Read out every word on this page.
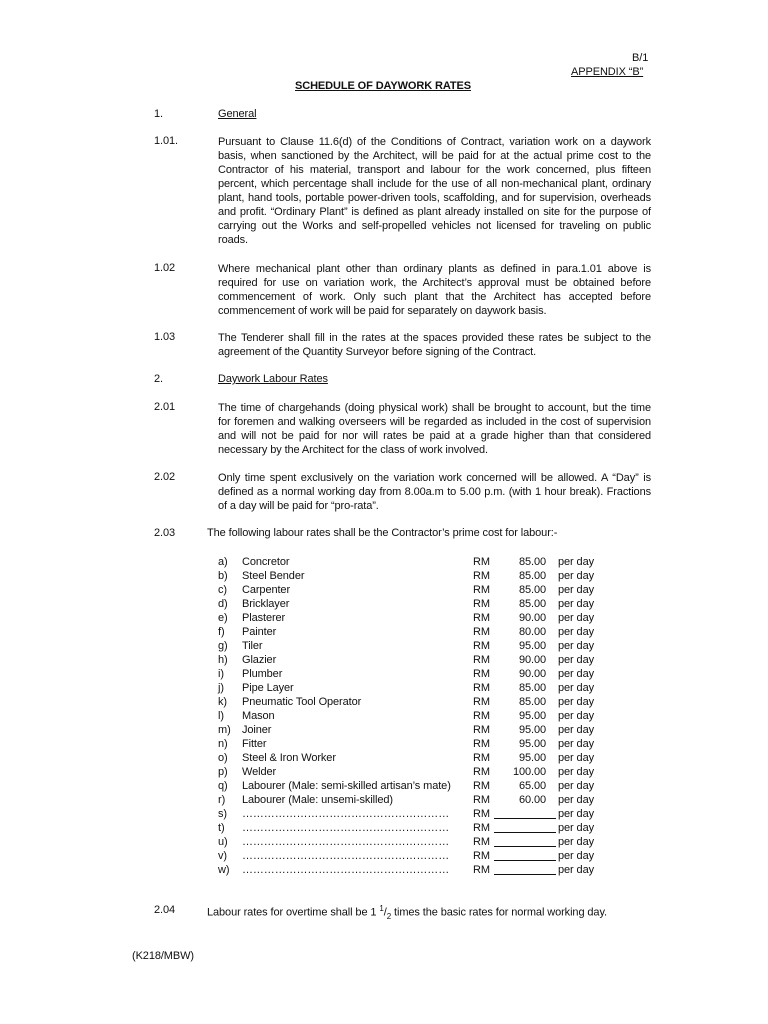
B/1
APPENDIX “B”
SCHEDULE OF DAYWORK RATES
1.	General
1.01.	Pursuant to Clause 11.6(d) of the Conditions of Contract, variation work on a daywork basis, when sanctioned by the Architect, will be paid for at the actual prime cost to the Contractor of his material, transport and labour for the work concerned, plus fifteen percent, which percentage shall include for the use of all non-mechanical plant, ordinary plant, hand tools, portable power-driven tools, scaffolding, and for supervision, overheads and profit. “Ordinary Plant” is defined as plant already installed on site for the purpose of carrying out the Works and self-propelled vehicles not licensed for traveling on public roads.
1.02	Where mechanical plant other than ordinary plants as defined in para.1.01 above is required for use on variation work, the Architect’s approval must be obtained before commencement of work. Only such plant that the Architect has accepted before commencement of work will be paid for separately on daywork basis.
1.03	The Tenderer shall fill in the rates at the spaces provided these rates be subject to the agreement of the Quantity Surveyor before signing of the Contract.
2.	Daywork Labour Rates
2.01	The time of chargehands (doing physical work) shall be brought to account, but the time for foremen and walking overseers will be regarded as included in the cost of supervision and will not be paid for nor will rates be paid at a grade higher than that considered necessary by the Architect for the class of work involved.
2.02	Only time spent exclusively on the variation work concerned will be allowed. A “Day” is defined as a normal working day from 8.00a.m to 5.00 p.m. (with 1 hour break). Fractions of a day will be paid for “pro-rata”.
2.03	The following labour rates shall be the Contractor’s prime cost for labour:-
a) Concretor	RM	85.00 per day
b) Steel Bender	RM	85.00 per day
c) Carpenter	RM	85.00 per day
d) Bricklayer	RM	85.00 per day
e) Plasterer	RM	90.00 per day
f) Painter	RM	80.00 per day
g) Tiler	RM	95.00 per day
h) Glazier	RM	90.00 per day
i) Plumber	RM	90.00 per day
j) Pipe Layer	RM	85.00 per day
k) Pneumatic Tool Operator	RM	85.00 per day
l) Mason	RM	95.00 per day
m) Joiner	RM	95.00 per day
n) Fitter	RM	95.00 per day
o) Steel & Iron Worker	RM	95.00 per day
p) Welder	RM	100.00 per day
q) Labourer (Male: semi-skilled artisan’s mate) RM	65.00 per day
r) Labourer (Male: unsemi-skilled)	RM	60.00 per day
s) ………………………………………………… RM	per day
t) ………………………………………………… RM	per day
u) ………………………………………………… RM	per day
v) ………………………………………………… RM	per day
w) ………………………………………………… RM	per day
2.04	Labour rates for overtime shall be 1 $^1/_2$ times the basic rates for normal working day.
(K218/MBW)
